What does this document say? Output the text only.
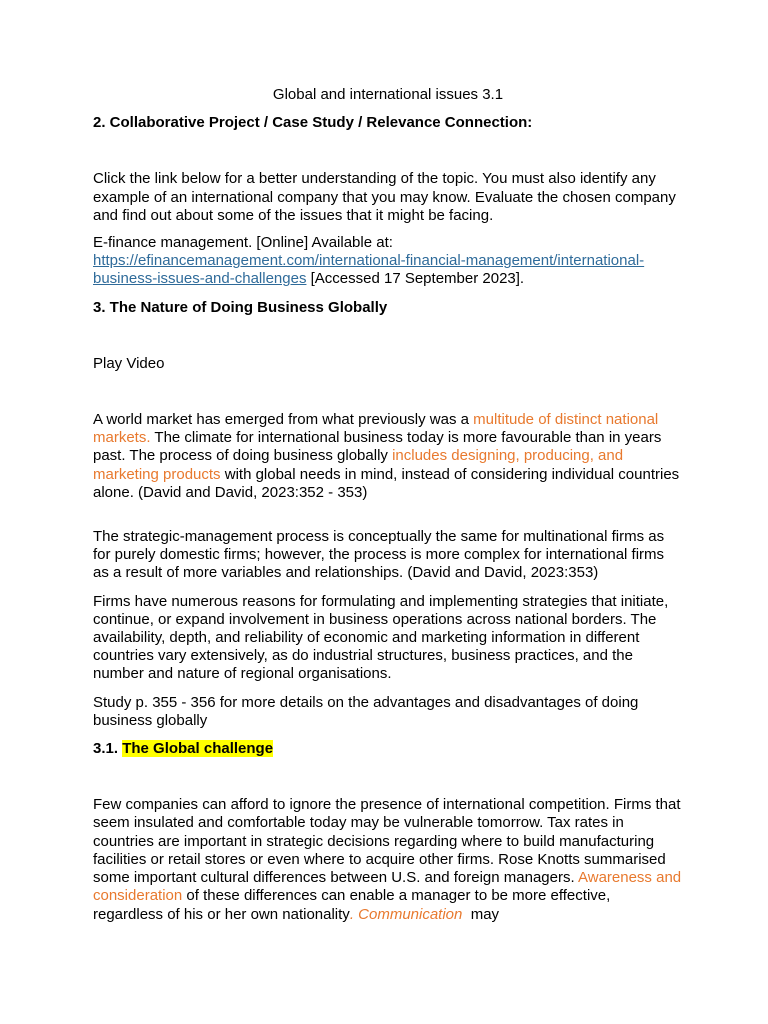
Global and international issues 3.1

2. Collaborative Project / Case Study / Relevance Connection:

Click the link below for a better understanding of the topic. You must also identify any example of an international company that you may know. Evaluate the chosen company and find out about some of the issues that it might be facing.

E-finance management. [Online] Available at: https://efinancemanagement.com/international-financial-management/international-business-issues-and-challenges [Accessed 17 September 2023].

3. The Nature of Doing Business Globally

Play Video

A world market has emerged from what previously was a multitude of distinct national markets. The climate for international business today is more favourable than in years past. The process of doing business globally includes designing, producing, and marketing products with global needs in mind, instead of considering individual countries alone. (David and David, 2023:352 - 353)

The strategic-management process is conceptually the same for multinational firms as for purely domestic firms; however, the process is more complex for international firms as a result of more variables and relationships. (David and David, 2023:353)

Firms have numerous reasons for formulating and implementing strategies that initiate, continue, or expand involvement in business operations across national borders. The availability, depth, and reliability of economic and marketing information in different countries vary extensively, as do industrial structures, business practices, and the number and nature of regional organisations.

Study p. 355 - 356 for more details on the advantages and disadvantages of doing business globally

3.1. The Global challenge

Few companies can afford to ignore the presence of international competition. Firms that seem insulated and comfortable today may be vulnerable tomorrow. Tax rates in countries are important in strategic decisions regarding where to build manufacturing facilities or retail stores or even where to acquire other firms. Rose Knotts summarised some important cultural differences between U.S. and foreign managers. Awareness and consideration of these differences can enable a manager to be more effective, regardless of his or her own nationality. Communication  may
